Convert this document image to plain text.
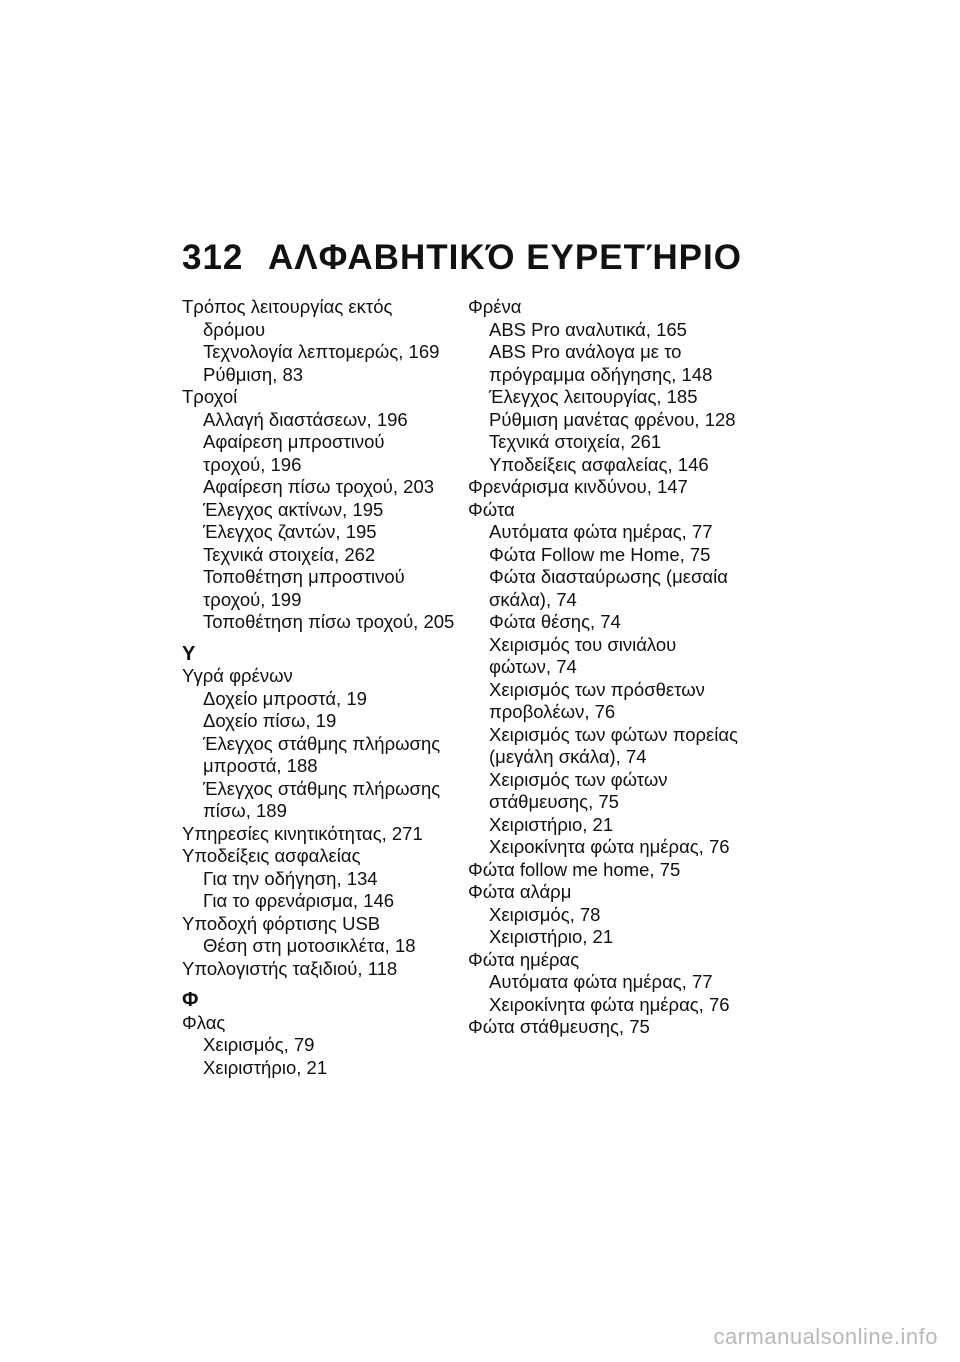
312 ΑΛΦΑΒΗΤΙΚΌ ΕΥΡΕΤΉΡΙΟ
Τρόπος λειτουργίας εκτός
δρόμου
Τεχνολογία λεπτομερώς, 169
Ρύθμιση, 83
Τροχοί
Αλλαγή διαστάσεων, 196
Αφαίρεση μπροστινού
τροχού, 196
Αφαίρεση πίσω τροχού, 203
Έλεγχος ακτίνων, 195
Έλεγχος ζαντών, 195
Τεχνικά στοιχεία, 262
Τοποθέτηση μπροστινού
τροχού, 199
Τοποθέτηση πίσω τροχού, 205
Υ
Υγρά φρένων
Δοχείο μπροστά, 19
Δοχείο πίσω, 19
Έλεγχος στάθμης πλήρωσης
μπροστά, 188
Έλεγχος στάθμης πλήρωσης
πίσω, 189
Υπηρεσίες κινητικότητας, 271
Υποδείξεις ασφαλείας
Για την οδήγηση, 134
Για το φρενάρισμα, 146
Υποδοχή φόρτισης USB
Θέση στη μοτοσικλέτα, 18
Υπολογιστής ταξιδιού, 118
Φ
Φλας
Χειρισμός, 79
Χειριστήριο, 21
Φρένα
ABS Pro αναλυτικά, 165
ABS Pro ανάλογα με το
πρόγραμμα οδήγησης, 148
Έλεγχος λειτουργίας, 185
Ρύθμιση μανέτας φρένου, 128
Τεχνικά στοιχεία, 261
Υποδείξεις ασφαλείας, 146
Φρενάρισμα κινδύνου, 147
Φώτα
Αυτόματα φώτα ημέρας, 77
Φώτα Follow me Home, 75
Φώτα διασταύρωσης (μεσαία
σκάλα), 74
Φώτα θέσης, 74
Χειρισμός του σινιάλου
φώτων, 74
Χειρισμός των πρόσθετων
προβολέων, 76
Χειρισμός των φώτων πορείας
(μεγάλη σκάλα), 74
Χειρισμός των φώτων
στάθμευσης, 75
Χειριστήριο, 21
Χειροκίνητα φώτα ημέρας, 76
Φώτα follow me home, 75
Φώτα αλάρμ
Χειρισμός, 78
Χειριστήριο, 21
Φώτα ημέρας
Αυτόματα φώτα ημέρας, 77
Χειροκίνητα φώτα ημέρας, 76
Φώτα στάθμευσης, 75
carmanualsonline.info
